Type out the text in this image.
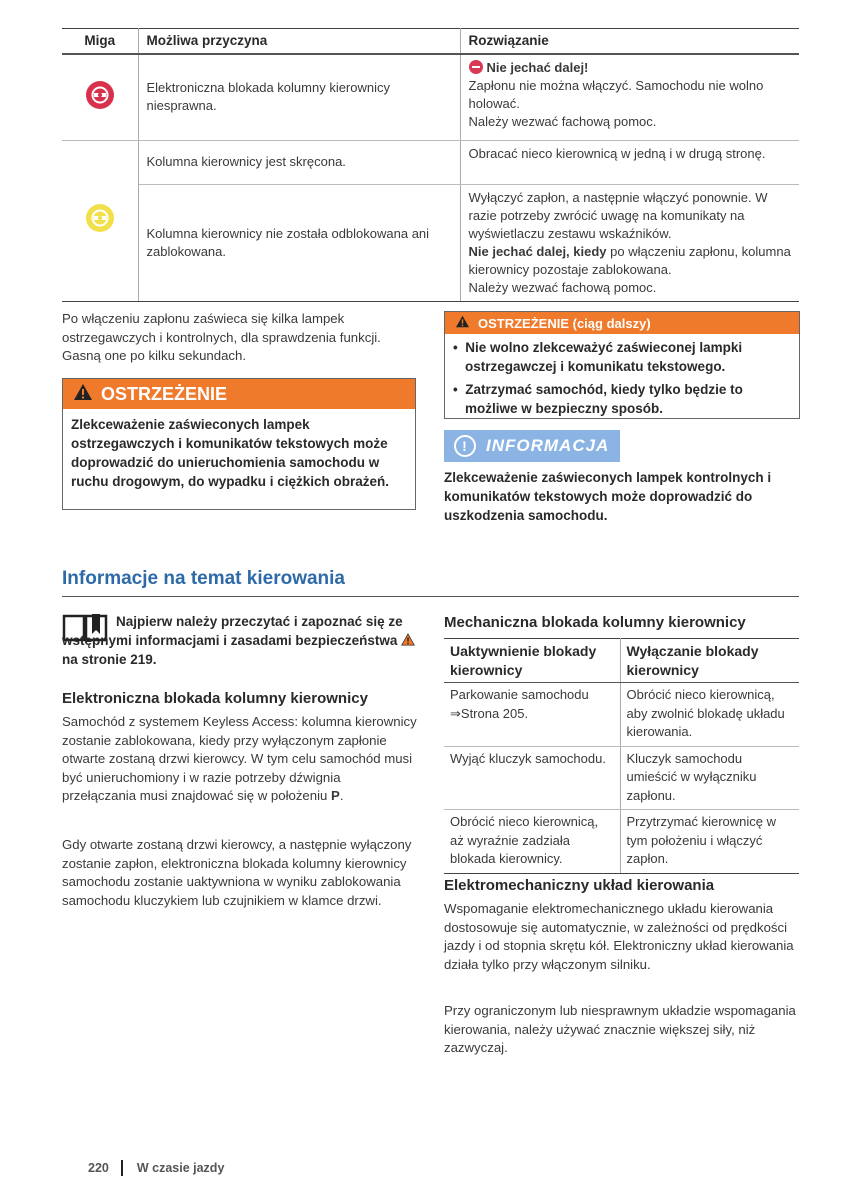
Miga	Możliwa przyczyna	Rozwiązanie

	Elektroniczna blokada kolumny kierownicy niesprawna.	Nie jechać dalej!
Zapłonu nie można włączyć. Samochodu nie wolno holować.
Należy wezwać fachową pomoc.

	Kolumna kierownicy jest skręcona.	Obracać nieco kierownicą w jedną i w drugą stronę.
	Kolumna kierownicy nie została odblokowana ani zablokowana.	Wyłączyć zapłon, a następnie włączyć ponownie. W razie potrzeby zwrócić uwagę na komunikaty na wyświetlaczu zestawu wskaźników.
Nie jechać dalej, kiedy po włączeniu zapłonu, kolumna kierownicy pozostaje zablokowana.
Należy wezwać fachową pomoc.
Po włączeniu zapłonu zaświeca się kilka lampek ostrzegawczych i kontrolnych, dla sprawdzenia funkcji. Gasną one po kilku sekundach.
OSTRZEŻENIE
Zlekceważenie zaświeconych lampek ostrzegawczych i komunikatów tekstowych może doprowadzić do unieruchomienia samochodu w ruchu drogowym, do wypadku i ciężkich obrażeń.
OSTRZEŻENIE (ciąg dalszy)
•  Nie wolno zlekceważyć zaświeconej lampki ostrzegawczej i komunikatu tekstowego.
•  Zatrzymać samochód, kiedy tylko będzie to możliwe w bezpieczny sposób.
!	INFORMACJA
Zlekceważenie zaświeconych lampek kontrolnych i komunikatów tekstowych może doprowadzić do uszkodzenia samochodu.
Informacje na temat kierowania
Najpierw należy przeczytać i zapoznać się ze wstępnymi informacjami i zasadami bezpieczeństwa  na stronie 219.
Elektroniczna blokada kolumny kierownicy
Samochód z systemem Keyless Access: kolumna kierownicy zostanie zablokowana, kiedy przy wyłączonym zapłonie otwarte zostaną drzwi kierowcy. W tym celu samochód musi być unieruchomiony i w razie potrzeby dźwignia przełączania musi znajdować się w położeniu P.
Gdy otwarte zostaną drzwi kierowcy, a następnie wyłączony zostanie zapłon, elektroniczna blokada kolumny kierownicy samochodu zostanie uaktywniona w wyniku zablokowania samochodu kluczykiem lub czujnikiem w klamce drzwi.
Mechaniczna blokada kolumny kierownicy
Uaktywnienie blokady kierownicy	Wyłączanie blokady kierownicy
Parkowanie samochodu ⇒Strona 205.	Obrócić nieco kierownicą, aby zwolnić blokadę układu kierowania.
Wyjąć kluczyk samochodu.	Kluczyk samochodu umieścić w wyłączniku zapłonu.
Obrócić nieco kierownicą, aż wyraźnie zadziała blokada kierownicy.	Przytrzymać kierownicę w tym położeniu i włączyć zapłon.
Elektromechaniczny układ kierowania
Wspomaganie elektromechanicznego układu kierowania dostosowuje się automatycznie, w zależności od prędkości jazdy i od stopnia skrętu kół. Elektroniczny układ kierowania działa tylko przy włączonym silniku.
Przy ograniczonym lub niesprawnym układzie wspomagania kierowania, należy używać znacznie większej siły, niż zazwyczaj.
220 W czasie jazdy
